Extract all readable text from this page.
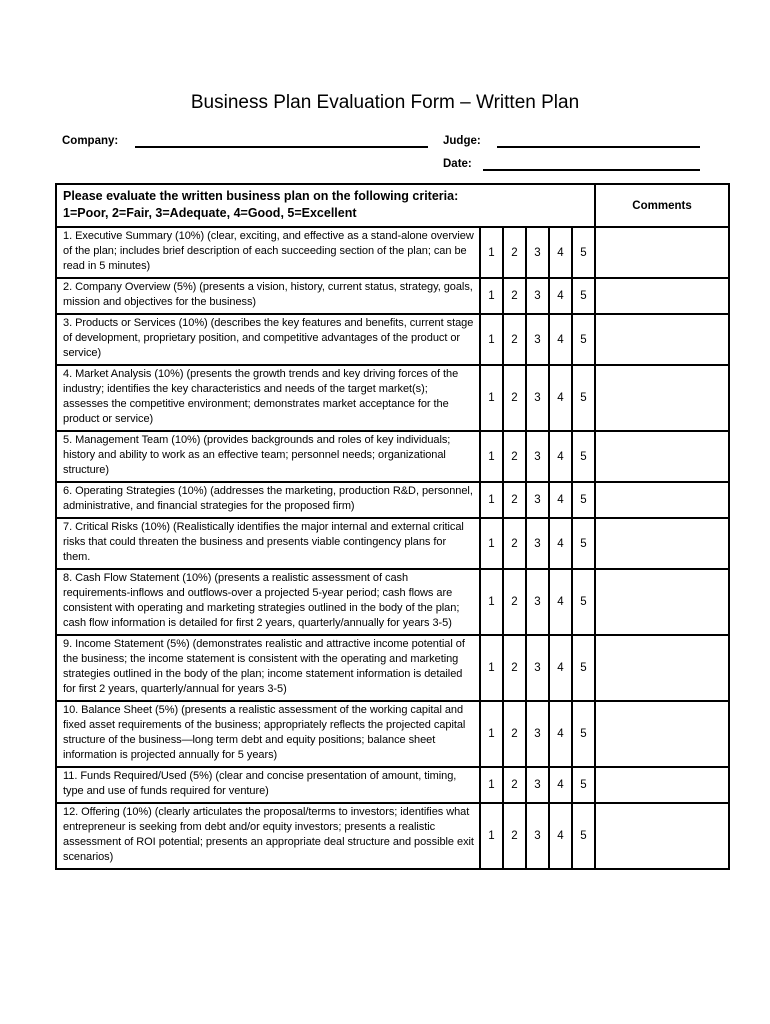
Business Plan Evaluation Form – Written Plan
Company:	Judge:
Date:
Please evaluate the written business plan on the following criteria:
1=Poor, 2=Fair, 3=Adequate, 4=Good, 5=Excellent						Comments
1. Executive Summary (10%) (clear, exciting, and effective as a stand-alone overview of the plan; includes brief description of each succeeding section of the plan; can be read in 5 minutes)	1	2	3	4	5	
2. Company Overview (5%) (presents a vision, history, current status, strategy, goals, mission and objectives for the business)	1	2	3	4	5	
3. Products or Services (10%) (describes the key features and benefits, current stage of development, proprietary position, and competitive advantages of the product or service)	1	2	3	4	5	
4. Market Analysis (10%) (presents the growth trends and key driving forces of the industry; identifies the key characteristics and needs of the target market(s); assesses the competitive environment; demonstrates market acceptance for the product or service)	1	2	3	4	5	
5. Management Team (10%) (provides backgrounds and roles of key individuals; history and ability to work as an effective team; personnel needs; organizational structure)	1	2	3	4	5	
6. Operating Strategies (10%) (addresses the marketing, production R&D, personnel, administrative, and financial strategies for the proposed firm)	1	2	3	4	5	
7. Critical Risks (10%) (Realistically identifies the major internal and external critical risks that could threaten the business and presents viable contingency plans for them.	1	2	3	4	5	
8. Cash Flow Statement (10%) (presents a realistic assessment of cash requirements-inflows and outflows-over a projected 5-year period; cash flows are consistent with operating and marketing strategies outlined in the body of the plan; cash flow information is detailed for first 2 years, quarterly/annually for years 3-5)	1	2	3	4	5	
9. Income Statement (5%) (demonstrates realistic and attractive income potential of the business; the income statement is consistent with the operating and marketing strategies outlined in the body of the plan; income statement information is detailed for first 2 years, quarterly/annual for years 3-5)	1	2	3	4	5	
10. Balance Sheet (5%) (presents a realistic assessment of the working capital and fixed asset requirements of the business; appropriately reflects the projected capital structure of the business—long term debt and equity positions; balance sheet information is projected annually for 5 years)	1	2	3	4	5	
11. Funds Required/Used (5%) (clear and concise presentation of amount, timing, type and use of funds required for venture)	1	2	3	4	5	
12. Offering (10%) (clearly articulates the proposal/terms to investors; identifies what entrepreneur is seeking from debt and/or equity investors; presents a realistic assessment of ROI potential; presents an appropriate deal structure and possible exit scenarios)	1	2	3	4	5	
